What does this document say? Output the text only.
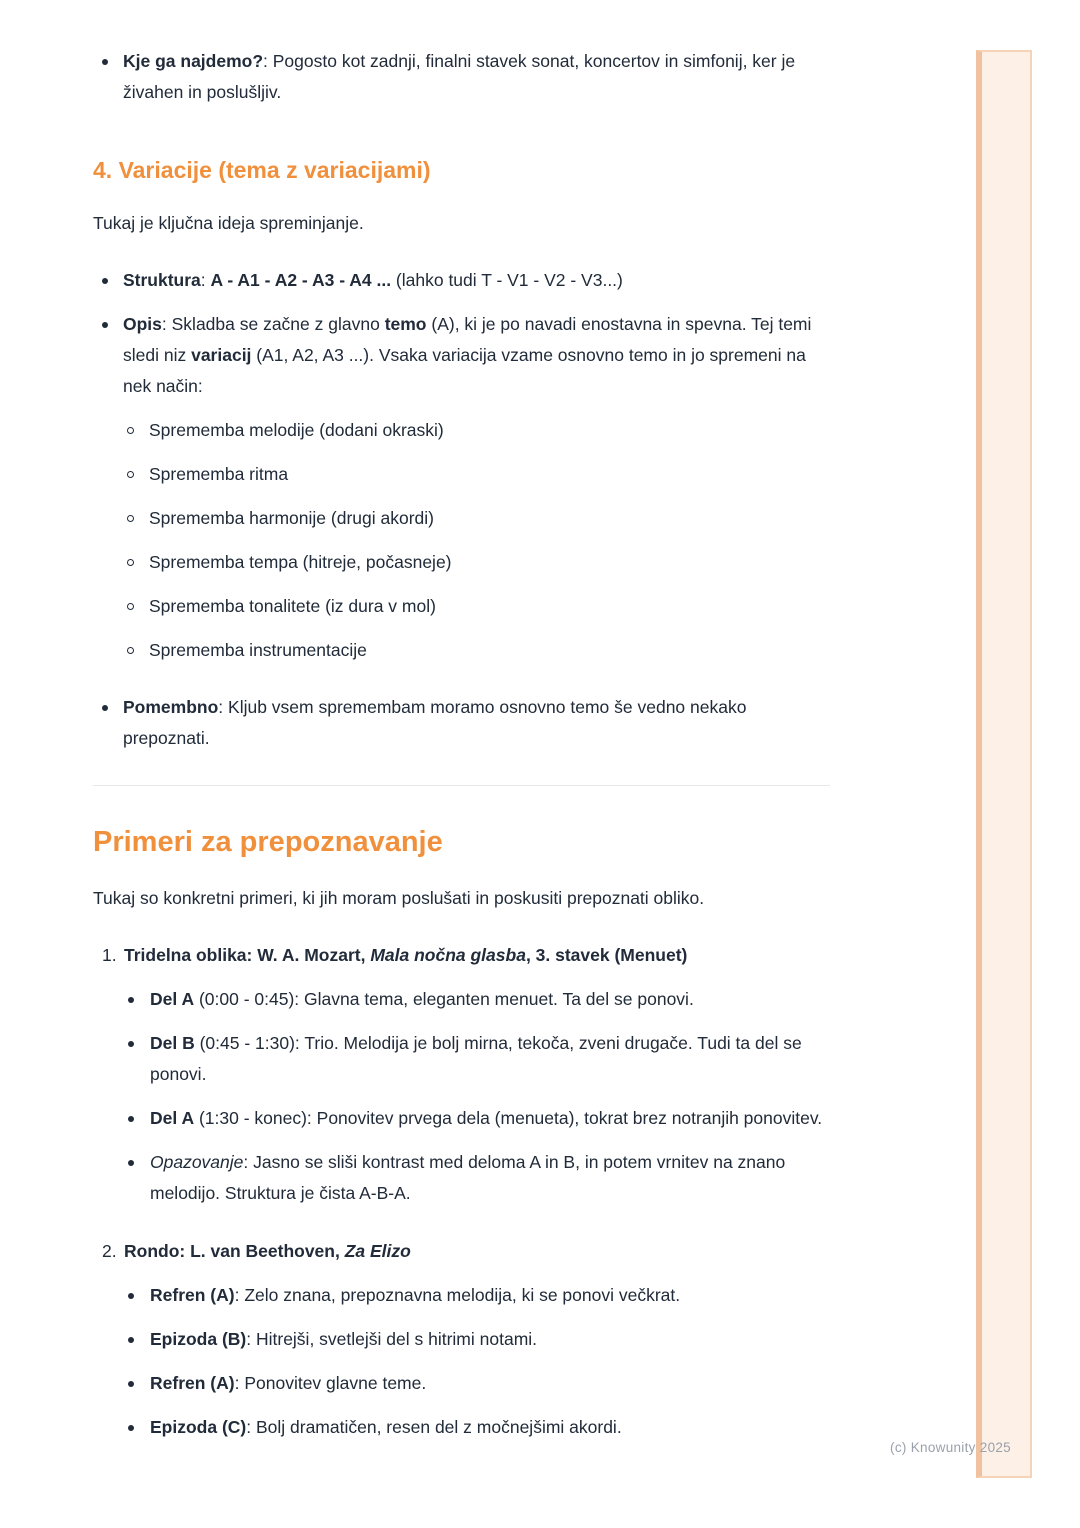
(c) Knowunity 2025
Kje ga najdemo?: Pogosto kot zadnji, finalni stavek sonat, koncertov in simfonij, ker je živahen in poslušljiv.
4. Variacije (tema z variacijami)

Tukaj je ključna ideja spreminjanje.

Struktura: A - A1 - A2 - A3 - A4 ... (lahko tudi T - V1 - V2 - V3...)
Opis: Skladba se začne z glavno temo (A), ki je po navadi enostavna in spevna. Tej temi sledi niz variacij (A1, A2, A3 ...). Vsaka variacija vzame osnovno temo in jo spremeni na nek način:
Sprememba melodije (dodani okraski)
Sprememba ritma
Sprememba harmonije (drugi akordi)
Sprememba tempa (hitreje, počasneje)
Sprememba tonalitete (iz dura v mol)
Sprememba instrumentacije
Pomembno: Kljub vsem spremembam moramo osnovno temo še vedno nekako prepoznati.
Primeri za prepoznavanje

Tukaj so konkretni primeri, ki jih moram poslušati in poskusiti prepoznati obliko.

1. Tridelna oblika: W. A. Mozart, Mala nočna glasba, 3. stavek (Menuet)
Del A (0:00 - 0:45): Glavna tema, eleganten menuet. Ta del se ponovi.
Del B (0:45 - 1:30): Trio. Melodija je bolj mirna, tekoča, zveni drugače. Tudi ta del se ponovi.
Del A (1:30 - konec): Ponovitev prvega dela (menueta), tokrat brez notranjih ponovitev.
Opazovanje: Jasno se sliši kontrast med deloma A in B, in potem vrnitev na znano melodijo. Struktura je čista A-B-A.
2. Rondo: L. van Beethoven, Za Elizo
Refren (A): Zelo znana, prepoznavna melodija, ki se ponovi večkrat.
Epizoda (B): Hitrejši, svetlejši del s hitrimi notami.
Refren (A): Ponovitev glavne teme.
Epizoda (C): Bolj dramatičen, resen del z močnejšimi akordi.
